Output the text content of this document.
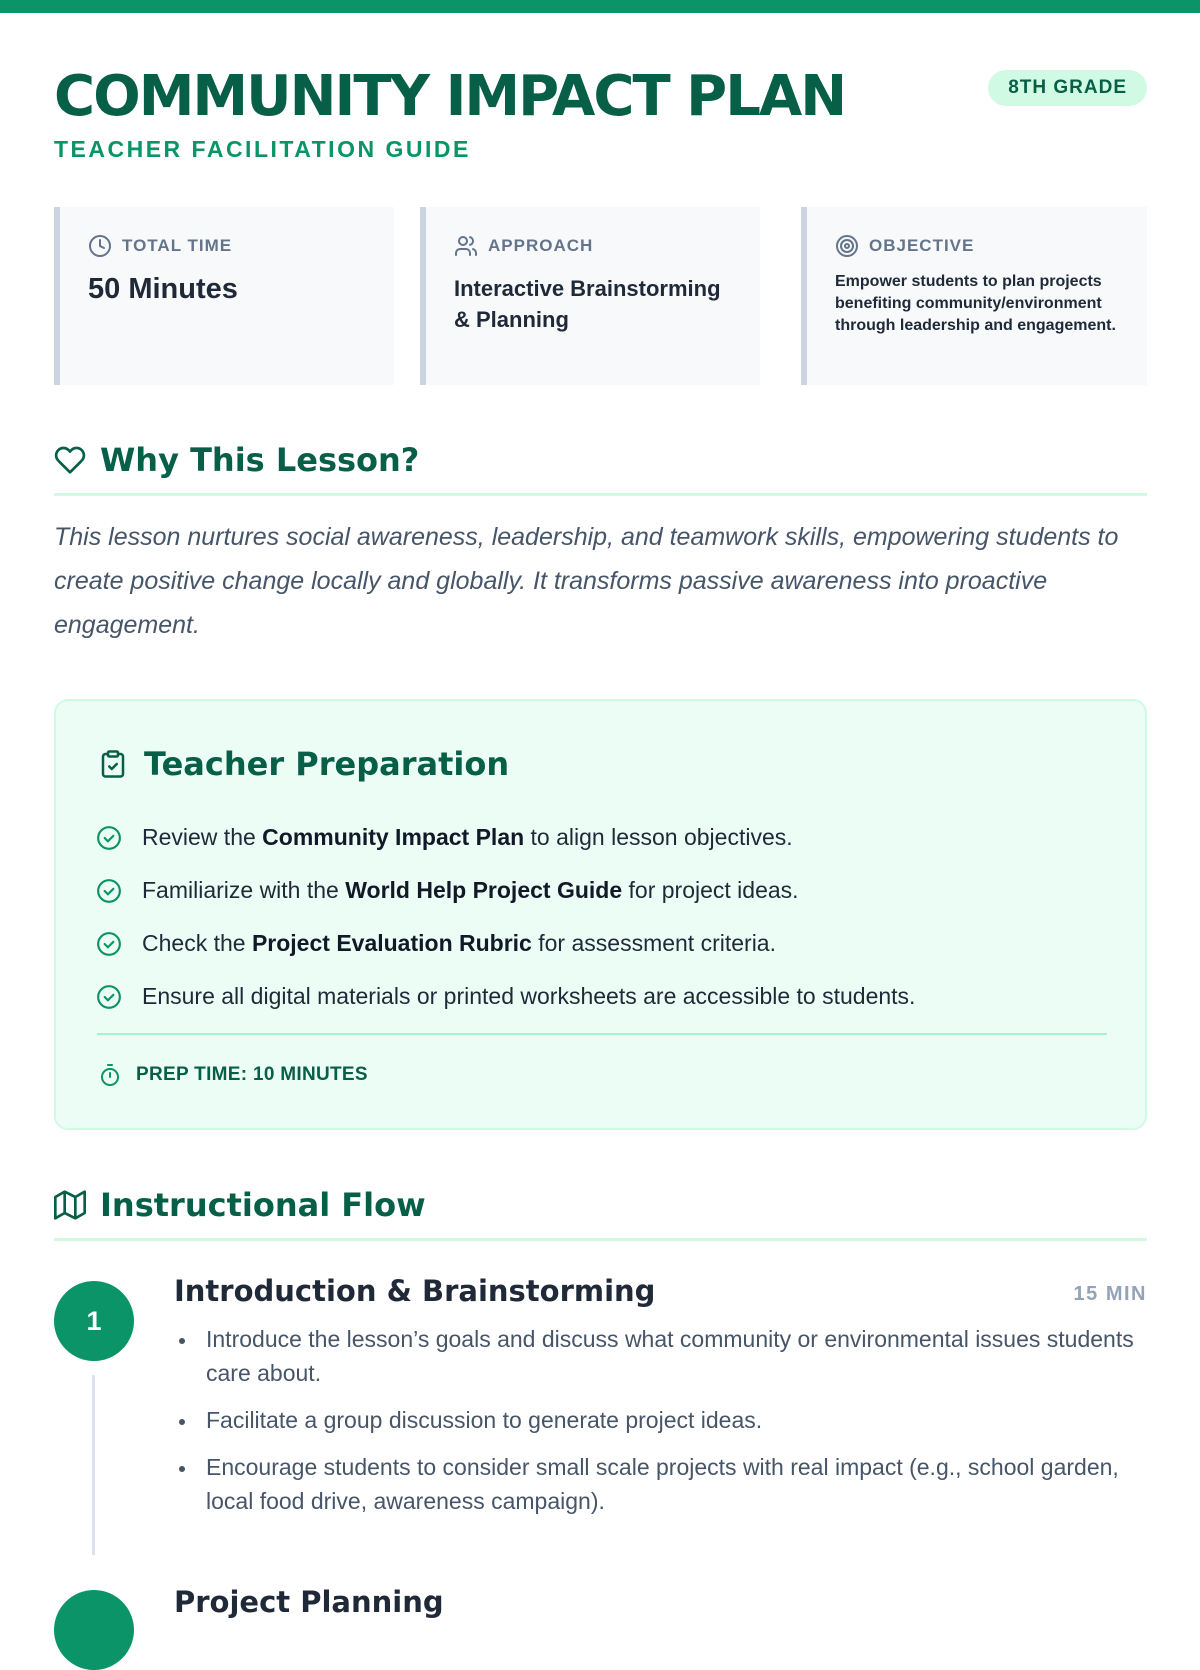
COMMUNITY IMPACT PLAN
TEACHER FACILITATION GUIDE
8TH GRADE
TOTAL TIME
50 Minutes
APPROACH
Interactive Brainstorming & Planning
OBJECTIVE
Empower students to plan projects benefiting community/environment through leadership and engagement.
Why This Lesson?

This lesson nurtures social awareness, leadership, and teamwork skills, empowering students to create positive change locally and globally. It transforms passive awareness into proactive engagement.

Teacher Preparation
Review the Community Impact Plan to align lesson objectives.
Familiarize with the World Help Project Guide for project ideas.
Check the Project Evaluation Rubric for assessment criteria.
Ensure all digital materials or printed worksheets are accessible to students.
PREP TIME: 10 MINUTES
Instructional Flow
1
Introduction & Brainstorming	15 MIN
Introduce the lesson’s goals and discuss what community or environmental issues students care about.
Facilitate a group discussion to generate project ideas.
Encourage students to consider small scale projects with real impact (e.g., school garden, local food drive, awareness campaign).
Project Planning
